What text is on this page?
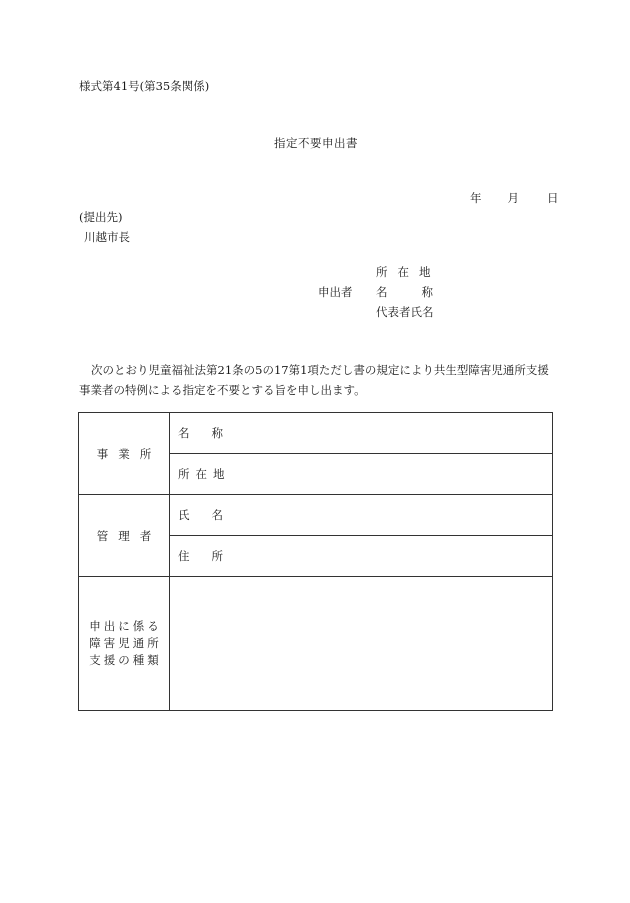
様式第41号(第35条関係)
指定不要申出書
年 月 日
(提出先)
川越市長
申出者
所在地
名称
代表者氏名
次のとおり児童福祉法第21条の5の17第1項ただし書の規定により共生型障害児通所支援事業者の特例による指定を不要とする旨を申し出ます。
事業所	名称
	所在地
管理者	氏名
	住所

申出に係る
障害児通所
支援の種類	
